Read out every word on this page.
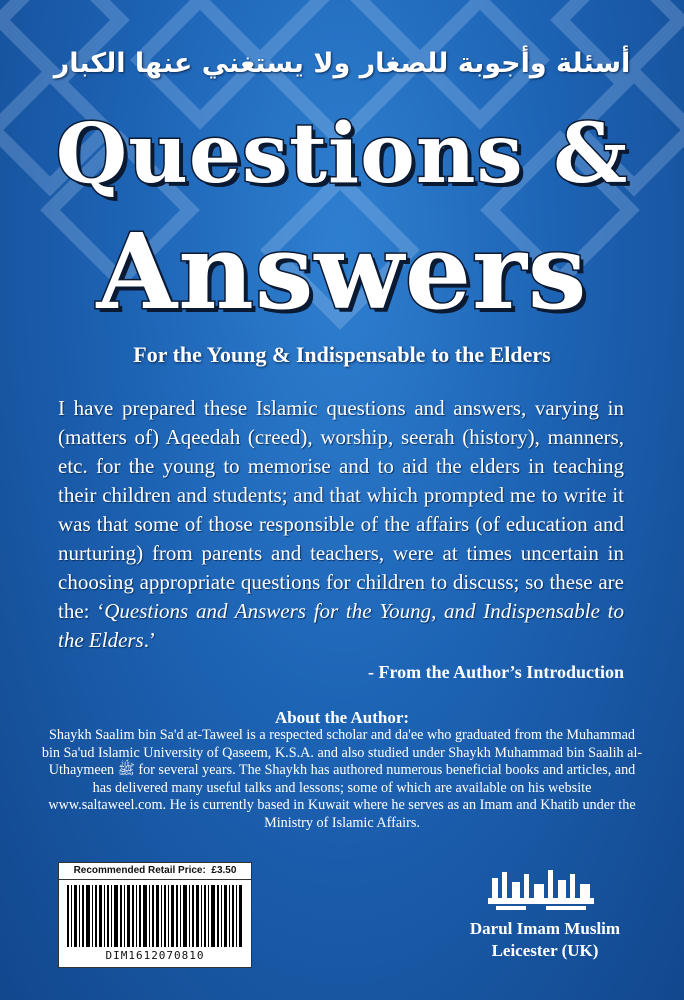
أسئلة وأجوبة للصغار ولا يستغني عنها الكبار
Questions &
Answers
For the Young & Indispensable to the Elders
I have prepared these Islamic questions and answers, varying in (matters of) Aqeedah (creed), worship, seerah (history), manners, etc. for the young to memorise and to aid the elders in teaching their children and students; and that which prompted me to write it was that some of those responsible of the affairs (of education and nurturing) from parents and teachers, were at times uncertain in choosing appropriate questions for children to discuss; so these are the: ‘Questions and Answers for the Young, and Indispensable to the Elders.’
- From the Author’s Introduction
About the Author:
Shaykh Saalim bin Sa'd at-Taweel is a respected scholar and da'ee who graduated from the Muhammad bin Sa'ud Islamic University of Qaseem, K.S.A. and also studied under Shaykh Muhammad bin Saalih al-Uthaymeen ﷺ for several years. The Shaykh has authored numerous beneficial books and articles, and has delivered many useful talks and lessons; some of which are available on his website www.saltaweel.com. He is currently based in Kuwait where he serves as an Imam and Khatib under the Ministry of Islamic Affairs.
Recommended Retail Price: £3.50
DIM1612070810
Darul Imam Muslim
Leicester (UK)
